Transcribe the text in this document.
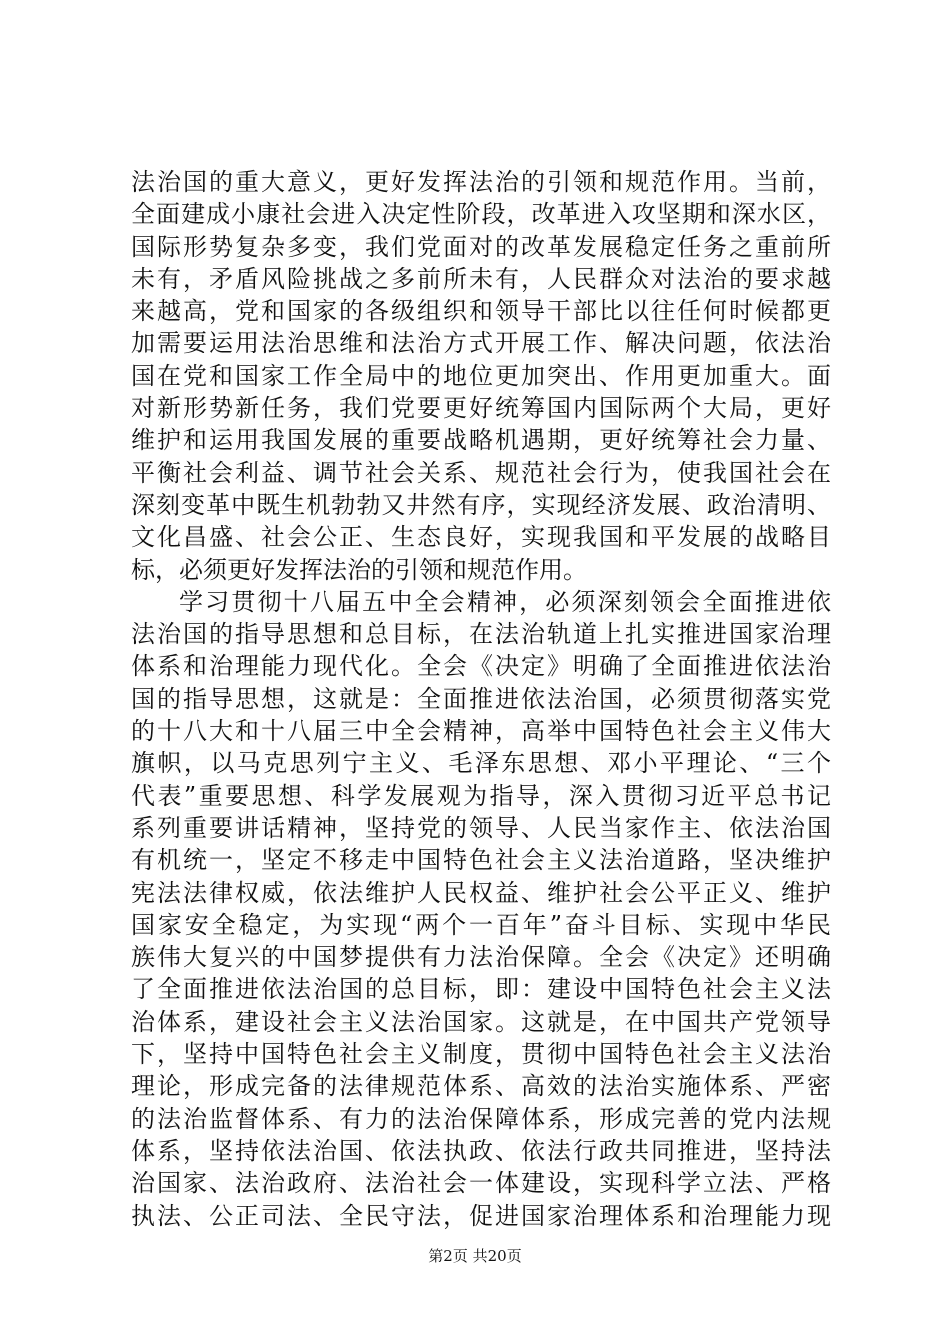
法治国的重大意义，更好发挥法治的引领和规范作用。当前，
全面建成小康社会进入决定性阶段，改革进入攻坚期和深水区，
国际形势复杂多变，我们党面对的改革发展稳定任务之重前所
未有，矛盾风险挑战之多前所未有，人民群众对法治的要求越
来越高，党和国家的各级组织和领导干部比以往任何时候都更
加需要运用法治思维和法治方式开展工作、解决问题，依法治
国在党和国家工作全局中的地位更加突出、作用更加重大。面
对新形势新任务，我们党要更好统筹国内国际两个大局，更好
维护和运用我国发展的重要战略机遇期，更好统筹社会力量、
平衡社会利益、调节社会关系、规范社会行为，使我国社会在
深刻变革中既生机勃勃又井然有序，实现经济发展、政治清明、
文化昌盛、社会公正、生态良好，实现我国和平发展的战略目
标，必须更好发挥法治的引领和规范作用。
学习贯彻十八届五中全会精神，必须深刻领会全面推进依
法治国的指导思想和总目标，在法治轨道上扎实推进国家治理
体系和治理能力现代化。全会《决定》明确了全面推进依法治
国的指导思想，这就是：全面推进依法治国，必须贯彻落实党
的十八大和十八届三中全会精神，高举中国特色社会主义伟大
旗帜，以马克思列宁主义、毛泽东思想、邓小平理论、“三个
代表”重要思想、科学发展观为指导，深入贯彻习近平总书记
系列重要讲话精神，坚持党的领导、人民当家作主、依法治国
有机统一，坚定不移走中国特色社会主义法治道路，坚决维护
宪法法律权威，依法维护人民权益、维护社会公平正义、维护
国家安全稳定，为实现“两个一百年”奋斗目标、实现中华民
族伟大复兴的中国梦提供有力法治保障。全会《决定》还明确
了全面推进依法治国的总目标，即：建设中国特色社会主义法
治体系，建设社会主义法治国家。这就是，在中国共产党领导
下，坚持中国特色社会主义制度，贯彻中国特色社会主义法治
理论，形成完备的法律规范体系、高效的法治实施体系、严密
的法治监督体系、有力的法治保障体系，形成完善的党内法规
体系，坚持依法治国、依法执政、依法行政共同推进，坚持法
治国家、法治政府、法治社会一体建设，实现科学立法、严格
执法、公正司法、全民守法，促进国家治理体系和治理能力现
第2页 共20页
